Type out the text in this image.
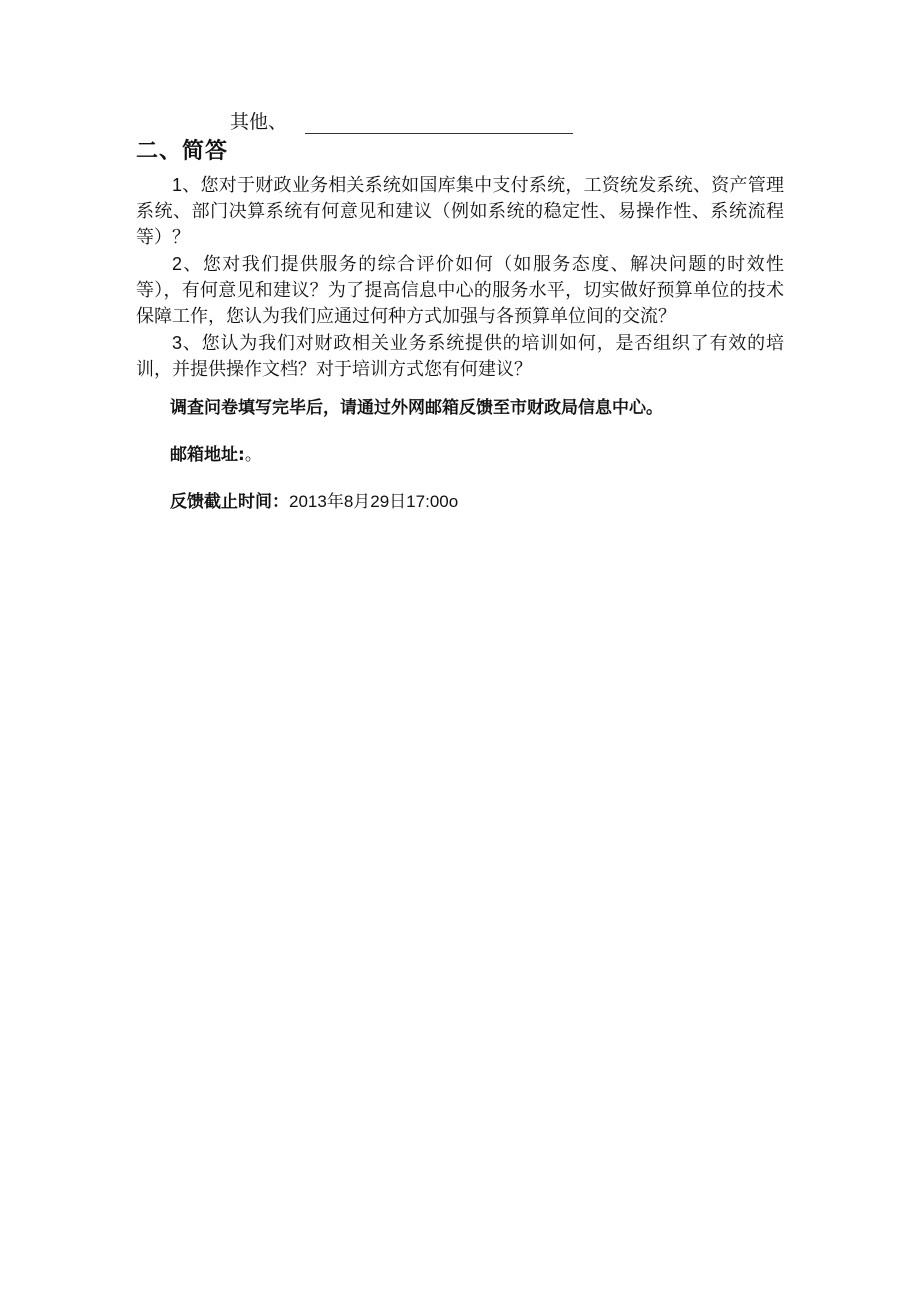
其他、
二、简答

1、您对于财政业务相关系统如国库集中支付系统，工资统发系统、资产管理系统、部门决算系统有何意见和建议（例如系统的稳定性、易操作性、系统流程等）？

2、您对我们提供服务的综合评价如何（如服务态度、解决问题的时效性等），有何意见和建议？为了提高信息中心的服务水平，切实做好预算单位的技术保障工作，您认为我们应通过何种方式加强与各预算单位间的交流？

3、您认为我们对财政相关业务系统提供的培训如何，是否组织了有效的培训，并提供操作文档？对于培训方式您有何建议？

调查问卷填写完毕后，请通过外网邮箱反馈至市财政局信息中心。
邮箱地址:。
反馈截止时间：2013年8月29日17:00o
